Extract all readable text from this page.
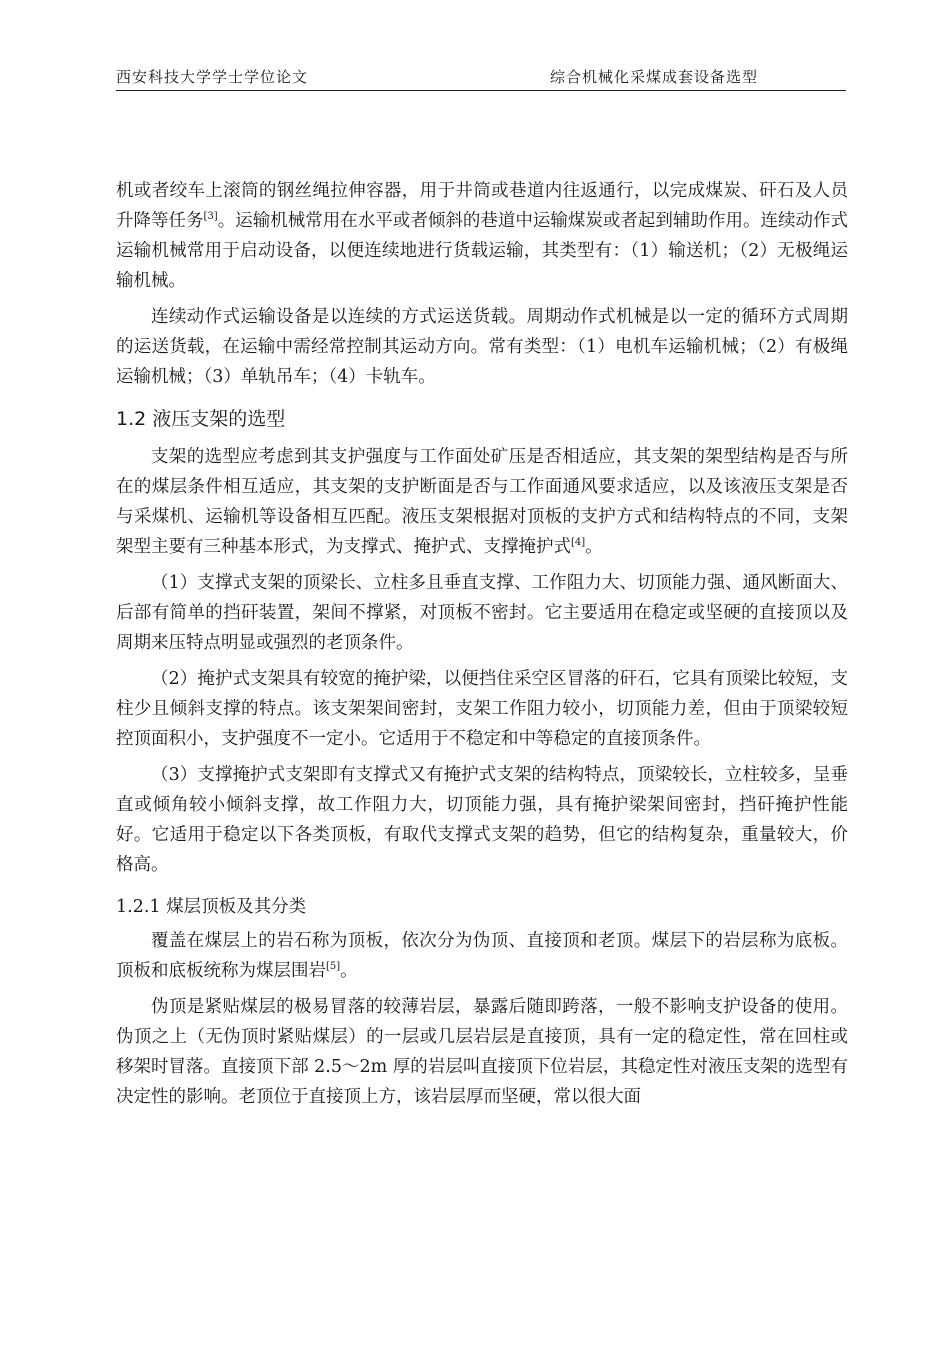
西安科技大学学士学位论文	综合机械化采煤成套设备选型

机或者绞车上滚筒的钢丝绳拉伸容器，用于井筒或巷道内往返通行，以完成煤炭、矸石及人员升降等任务[3]。运输机械常用在水平或者倾斜的巷道中运输煤炭或者起到辅助作用。连续动作式运输机械常用于启动设备，以便连续地进行货载运输，其类型有：（1）输送机；（2）无极绳运输机械。

连续动作式运输设备是以连续的方式运送货载。周期动作式机械是以一定的循环方式周期的运送货载，在运输中需经常控制其运动方向。常有类型：（1）电机车运输机械；（2）有极绳运输机械；（3）单轨吊车；（4）卡轨车。

1.2 液压支架的选型

支架的选型应考虑到其支护强度与工作面处矿压是否相适应，其支架的架型结构是否与所在的煤层条件相互适应，其支架的支护断面是否与工作面通风要求适应，以及该液压支架是否与采煤机、运输机等设备相互匹配。液压支架根据对顶板的支护方式和结构特点的不同，支架架型主要有三种基本形式，为支撑式、掩护式、支撑掩护式[4]。

（1）支撑式支架的顶梁长、立柱多且垂直支撑、工作阻力大、切顶能力强、通风断面大、后部有简单的挡矸装置，架间不撑紧，对顶板不密封。它主要适用在稳定或坚硬的直接顶以及周期来压特点明显或强烈的老顶条件。

（2）掩护式支架具有较宽的掩护梁，以便挡住采空区冒落的矸石，它具有顶梁比较短，支柱少且倾斜支撑的特点。该支架架间密封，支架工作阻力较小，切顶能力差，但由于顶梁较短控顶面积小，支护强度不一定小。它适用于不稳定和中等稳定的直接顶条件。

（3）支撑掩护式支架即有支撑式又有掩护式支架的结构特点，顶梁较长，立柱较多，呈垂直或倾角较小倾斜支撑，故工作阻力大，切顶能力强，具有掩护梁架间密封，挡矸掩护性能好。它适用于稳定以下各类顶板，有取代支撑式支架的趋势，但它的结构复杂，重量较大，价格高。

1.2.1 煤层顶板及其分类

覆盖在煤层上的岩石称为顶板，依次分为伪顶、直接顶和老顶。煤层下的岩层称为底板。顶板和底板统称为煤层围岩[5]。

伪顶是紧贴煤层的极易冒落的较薄岩层，暴露后随即跨落，一般不影响支护设备的使用。伪顶之上（无伪顶时紧贴煤层）的一层或几层岩层是直接顶，具有一定的稳定性，常在回柱或移架时冒落。直接顶下部 2.5～2m 厚的岩层叫直接顶下位岩层，其稳定性对液压支架的选型有决定性的影响。老顶位于直接顶上方，该岩层厚而坚硬，常以很大面
